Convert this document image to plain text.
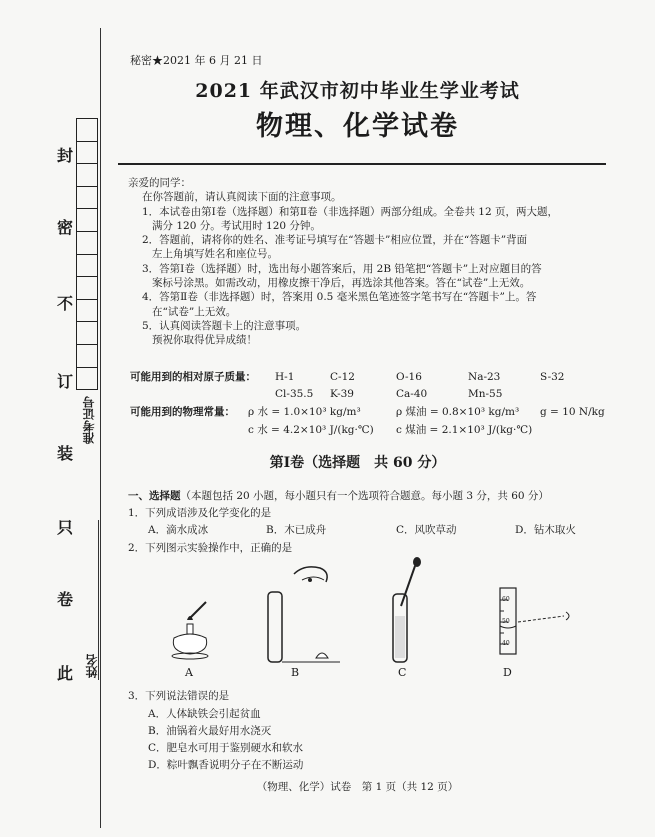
封
密
不
订
装
只
卷
此
准考证号
姓名
秘密★2021 年 6 月 21 日
2021 年武汉市初中毕业生学业考试
物理、化学试卷

亲爱的同学：

在你答题前，请认真阅读下面的注意事项。

1．本试卷由第Ⅰ卷（选择题）和第Ⅱ卷（非选择题）两部分组成。全卷共 12 页，两大题，

满分 120 分。考试用时 120 分钟。

2．答题前，请将你的姓名、准考证号填写在“答题卡”相应位置，并在“答题卡”背面

左上角填写姓名和座位号。

3．答第Ⅰ卷（选择题）时，选出每小题答案后，用 2B 铅笔把“答题卡”上对应题目的答

案标号涂黑。如需改动，用橡皮擦干净后，再选涂其他答案。答在“试卷”上无效。

4．答第Ⅱ卷（非选择题）时，答案用 0.5 毫米黑色笔迹签字笔书写在“答题卡”上。答

在“试卷”上无效。

5．认真阅读答题卡上的注意事项。

预祝你取得优异成绩！

可能用到的相对原子质量： H-1	C-12	O-16	Na-23	S-32
Cl-35.5 K-39	Ca-40	Mn-55
可能用到的物理常量： ρ 水 = 1.0×10³ kg/m³	ρ 煤油 = 0.8×10³ kg/m³ g = 10 N/kg
c 水 = 4.2×10³ J/(kg·℃) c 煤油 = 2.1×10³ J/(kg·℃)
第Ⅰ卷（选择题　共 60 分）
一、选择题（本题包括 20 小题，每小题只有一个选项符合题意。每小题 3 分，共 60 分）
1．下列成语涉及化学变化的是
A．滴水成冰	B．木已成舟	C．风吹草动	D．钻木取火
2．下列图示实验操作中，正确的是
A	B	C
60
50
40
D
3．下列说法错误的是
A．人体缺铁会引起贫血
B．油锅着火最好用水浇灭
C．肥皂水可用于鉴别硬水和软水
D．粽叶飘香说明分子在不断运动
（物理、化学）试卷　第 1 页（共 12 页）
